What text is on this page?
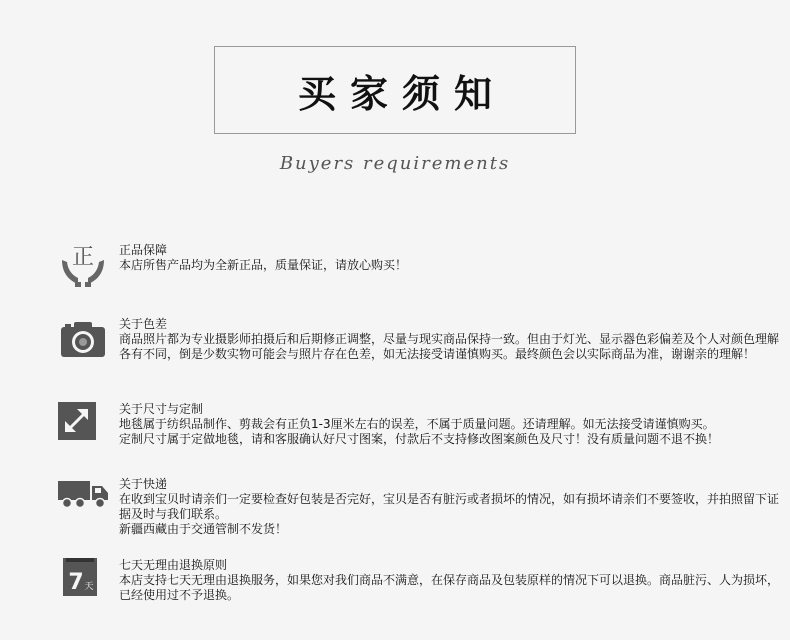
买家须知
Buyers requirements
正 正品保障
本店所售产品均为全新正品，质量保证，请放心购买！
关于色差
商品照片都为专业摄影师拍摄后和后期修正调整，尽量与现实商品保持一致。但由于灯光、显示器色彩偏差及个人对颜色理解各有不同，倒是少数实物可能会与照片存在色差，如无法接受请谨慎购买。最终颜色会以实际商品为准，谢谢亲的理解！
关于尺寸与定制
地毯属于纺织品制作、剪裁会有正负1-3厘米左右的误差，不属于质量问题。还请理解。如无法接受请谨慎购买。
定制尺寸属于定做地毯，请和客服确认好尺寸图案，付款后不支持修改图案颜色及尺寸！没有质量问题不退不换！
关于快递
在收到宝贝时请亲们一定要检查好包装是否完好，宝贝是否有脏污或者损坏的情况，如有损坏请亲们不要签收，并拍照留下证据及时与我们联系。
新疆西藏由于交通管制不发货！
7 天
七天无理由退换原则
本店支持七天无理由退换服务，如果您对我们商品不满意，在保存商品及包装原样的情况下可以退换。商品脏污、人为损坏，已经使用过不予退换。
